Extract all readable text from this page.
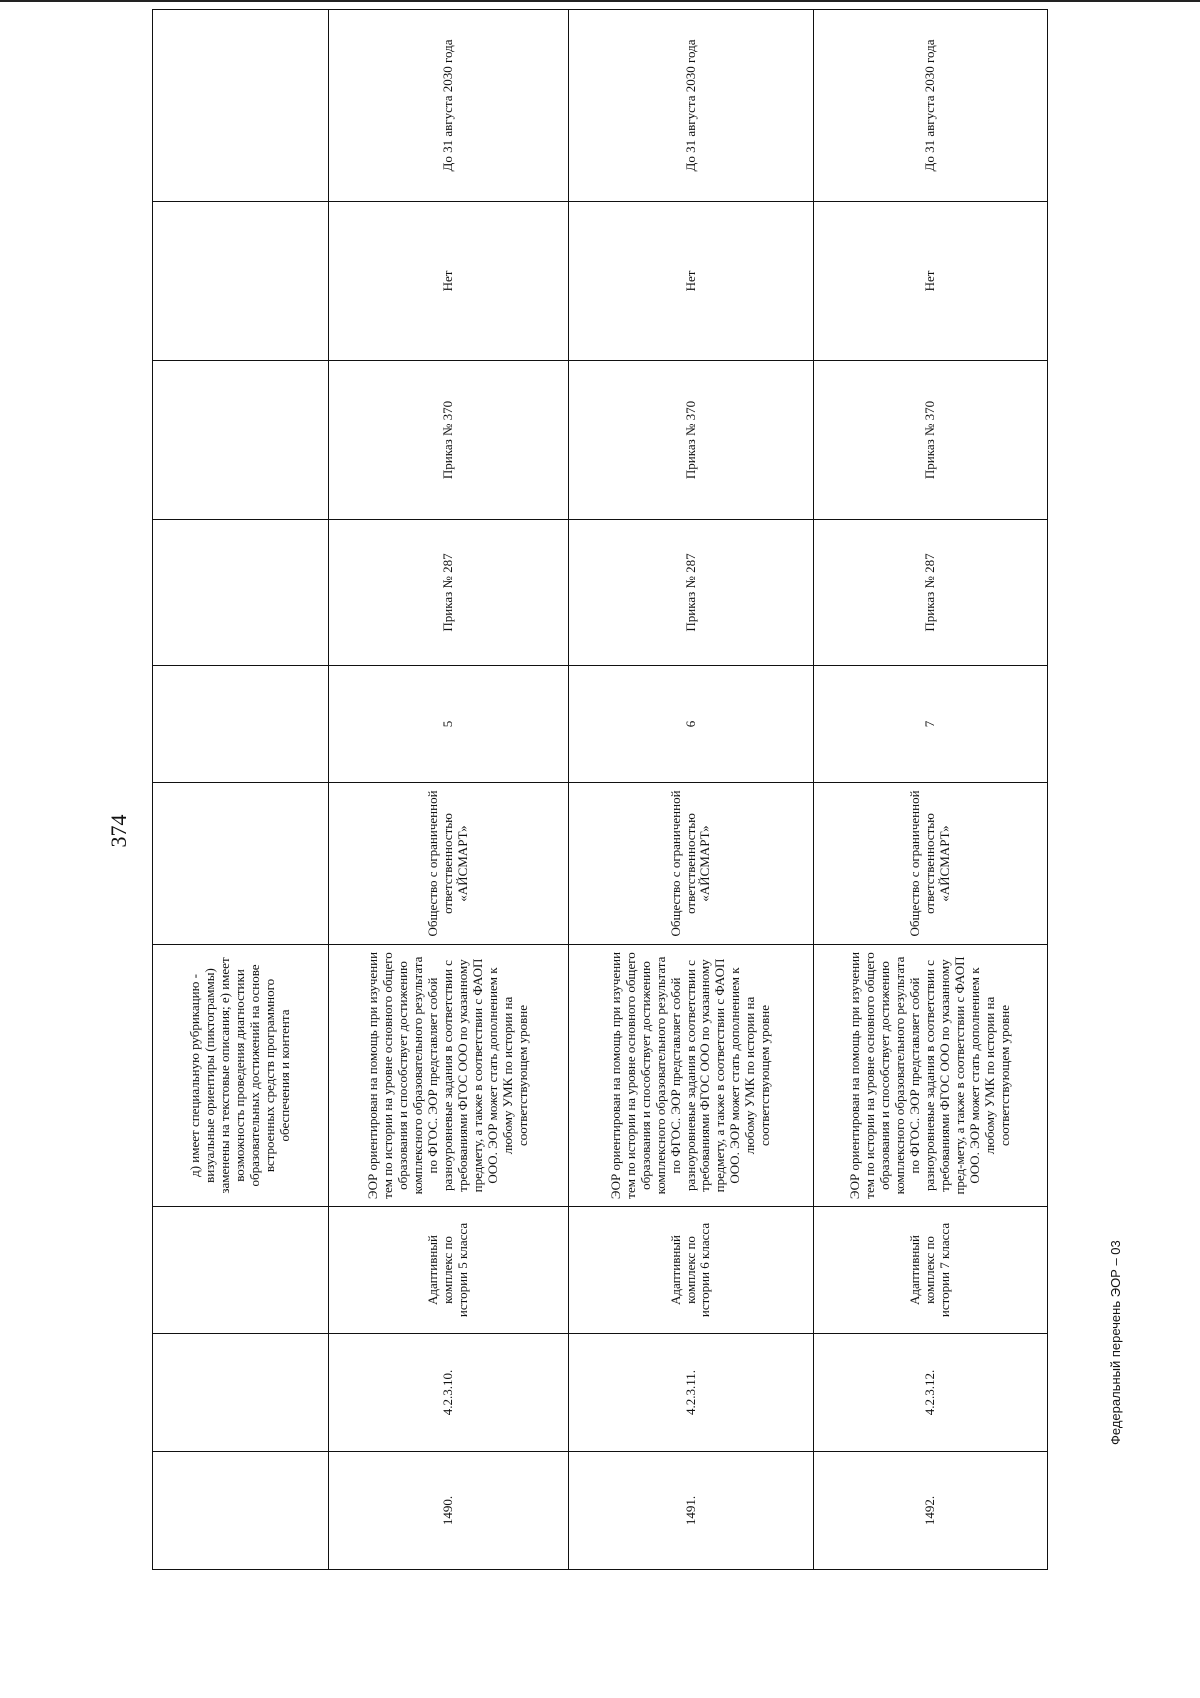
374
			д) имеет специальную рубрикацию - визуальные ориентиры (пиктограммы) заменены на текстовые описания; е) имеет возможность проведения диагностики образовательных достижений на основе встроенных средств программного обеспечения и контента						
1490.	4.2.3.10.	Адаптивный комплекс по истории 5 класса	ЭОР ориентирован на помощь при изучении тем по истории на уровне основного общего образования и способствует достижению комплексного образовательного результата по ФГОС. ЭОР представляет собой разноуровневые задания в соответствии с требованиями ФГОС ООО по указанному предмету, а также в соответствии с ФАОП ООО. ЭОР может стать дополнением к любому УМК по истории на соответствующем уровне	Общество с ограниченной ответственностью «АЙСМАРТ»	5	Приказ № 287	Приказ № 370	Нет	До 31 августа 2030 года
1491.	4.2.3.11.	Адаптивный комплекс по истории 6 класса	ЭОР ориентирован на помощь при изучении тем по истории на уровне основного общего образования и способствует достижению комплексного образовательного результата по ФГОС. ЭОР представляет собой разноуровневые задания в соответствии с требованиями ФГОС ООО по указанному предмету, а также в соответствии с ФАОП ООО. ЭОР может стать дополнением к любому УМК по истории на соответствующем уровне	Общество с ограниченной ответственностью «АЙСМАРТ»	6	Приказ № 287	Приказ № 370	Нет	До 31 августа 2030 года
1492.	4.2.3.12.	Адаптивный комплекс по истории 7 класса	ЭОР ориентирован на помощь при изучении тем по истории на уровне основного общего образования и способствует достижению комплексного образовательного результата по ФГОС. ЭОР представляет собой разноуровневые задания в соответствии с требованиями ФГОС ООО по указанному пред-мету, а также в соответствии с ФАОП ООО. ЭОР может стать дополнением к любому УМК по истории на соответствующем уровне	Общество с ограниченной ответственностью «АЙСМАРТ»	7	Приказ № 287	Приказ № 370	Нет	До 31 августа 2030 года
Федеральный перечень ЭОР – 03
